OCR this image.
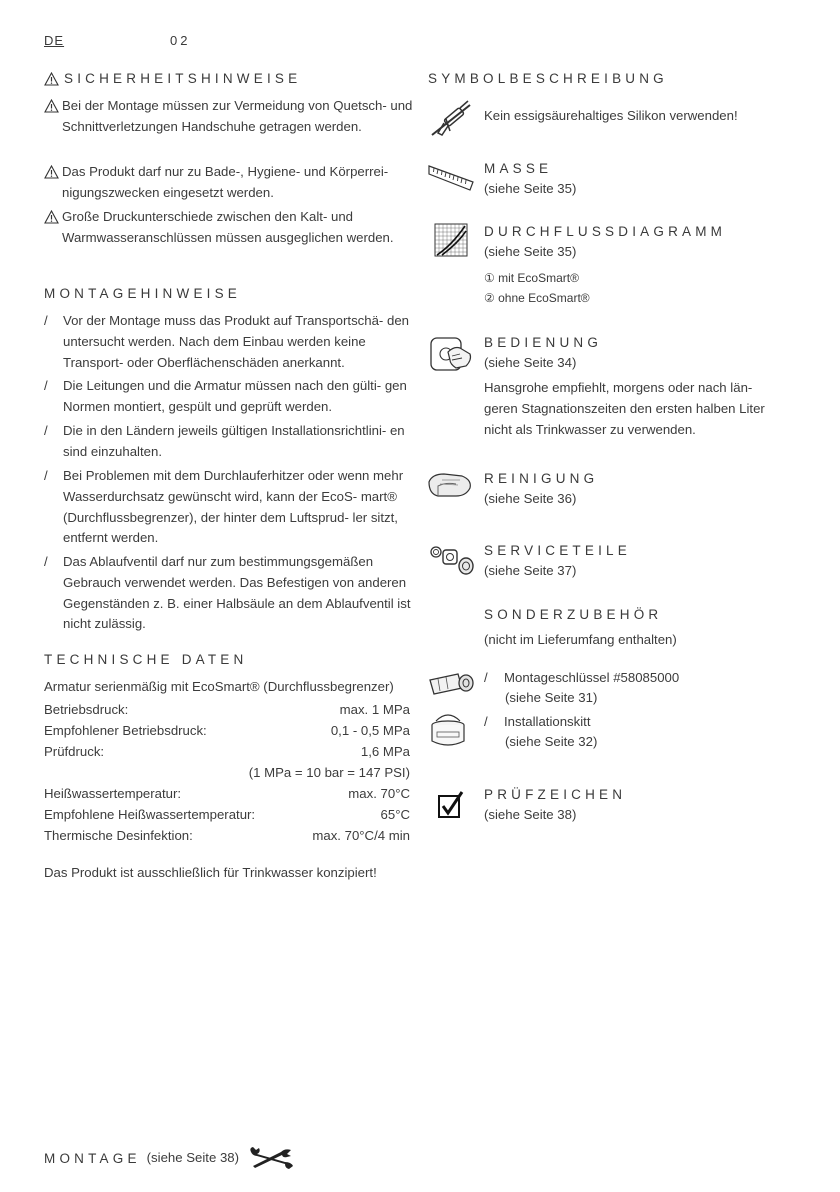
DE	02
SICHERHEITSHINWEISE
Bei der Montage müssen zur Vermeidung von Quetsch- und Schnittverletzungen Handschuhe getragen werden.
Das Produkt darf nur zu Bade-, Hygiene- und Körperrei- nigungszwecken eingesetzt werden.
Große Druckunterschiede zwischen den Kalt- und Warmwasseranschlüssen müssen ausgeglichen werden.
MONTAGEHINWEISE
/	Vor der Montage muss das Produkt auf Transportschä- den untersucht werden. Nach dem Einbau werden keine Transport- oder Oberflächenschäden anerkannt.
/	Die Leitungen und die Armatur müssen nach den gülti- gen Normen montiert, gespült und geprüft werden.
/	Die in den Ländern jeweils gültigen Installationsrichtlini- en sind einzuhalten.
/	Bei Problemen mit dem Durchlauferhitzer oder wenn mehr Wasserdurchsatz gewünscht wird, kann der EcoS- mart® (Durchflussbegrenzer), der hinter dem Luftsprud- ler sitzt, entfernt werden.
/	Das Ablaufventil darf nur zum bestimmungsgemäßen Gebrauch verwendet werden. Das Befestigen von anderen Gegenständen z. B. einer Halbsäule an dem Ablaufventil ist nicht zulässig.
TECHNISCHE DATEN
Armatur serienmäßig mit EcoSmart® (Durchflussbegrenzer)
Betriebsdruck:	max. 1 MPa
Empfohlener Betriebsdruck:	0,1 - 0,5 MPa
Prüfdruck:	1,6 MPa
(1 MPa = 10 bar = 147 PSI)
Heißwassertemperatur:	max. 70°C
Empfohlene Heißwassertemperatur:	65°C
Thermische Desinfektion:	max. 70°C/4 min
Das Produkt ist ausschließlich für Trinkwasser konzipiert!
SYMBOLBESCHREIBUNG
Kein essigsäurehaltiges Silikon verwenden!
MASSE
(siehe Seite 35)
DURCHFLUSSDIAGRAMM
(siehe Seite 35)
① mit EcoSmart®
② ohne EcoSmart®
BEDIENUNG
(siehe Seite 34)
Hansgrohe empfiehlt, morgens oder nach län- geren Stagnationszeiten den ersten halben Liter nicht als Trinkwasser zu verwenden.
REINIGUNG
(siehe Seite 36)
SERVICETEILE
(siehe Seite 37)
SONDERZUBEHÖR
(nicht im Lieferumfang enthalten)
/ Montageschlüssel #58085000
(siehe Seite 31)
/ Installationskitt
(siehe Seite 32)
PRÜFZEICHEN
(siehe Seite 38)
MONTAGE (siehe Seite 38)
